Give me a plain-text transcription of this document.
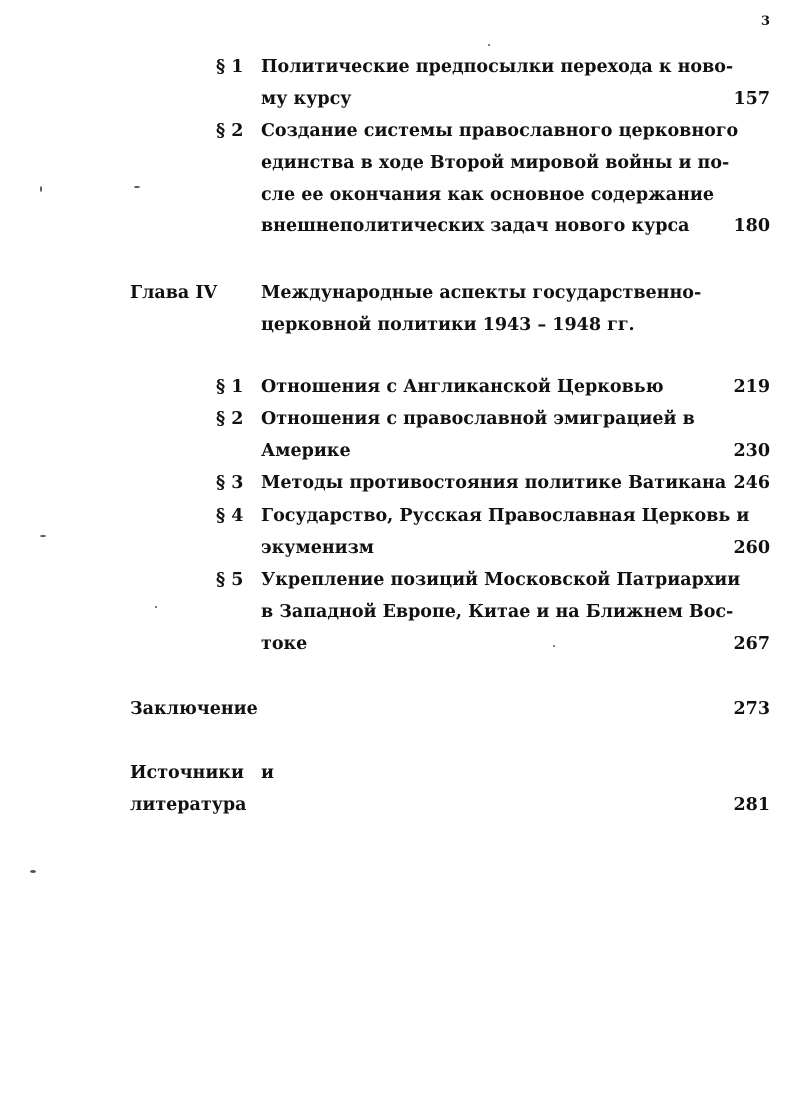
3
§ 1 Политические предпосылки перехода к ново-
му курсу	157
§ 2 Создание системы православного церковного
единства в ходе Второй мировой войны и по-
сле ее окончания как основное содержание
внешнеполитических задач нового курса	180
Глава IV	Международные аспекты государственно-
церковной политики 1943 – 1948 гг.
§ 1 Отношения с Англиканской Церковью	219
§ 2 Отношения с православной эмиграцией в
Америке	230
§ 3 Методы противостояния политике Ватикана 246
§ 4 Государство, Русская Православная Церковь и
экуменизм	260
§ 5 Укрепление позиций Московской Патриархии
в Западной Европе, Китае и на Ближнем Вос-
токе	267
Заключение	273
Источники и
литература	281
